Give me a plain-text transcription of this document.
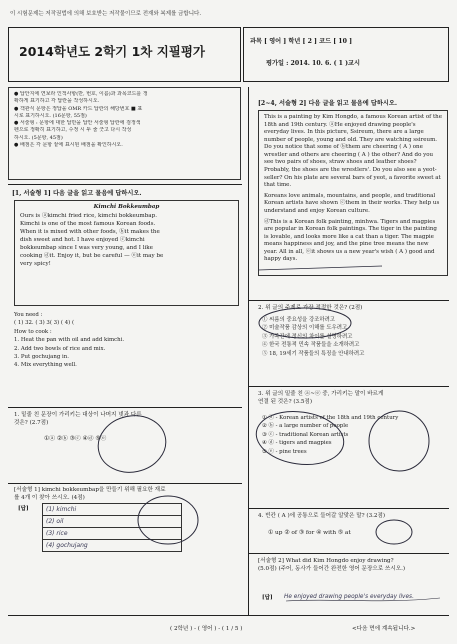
이 시험문제는 저작권법에 의해 보호받는 저작물이므로 전재와 복제를 금합니다.
2014학년도 2학기 1차 지필평가
과목 [ 영어 ] 학년 [ 2 ] 코드 [ 10 ]
평가일 : 2014. 10. 6. ( 1 )교시
● 답안지에 연보라 인적사항(반, 번호, 이름)과 과목코드를 정
확하게 표기하고 각 답란을 작성하시오.
● 객관식 문항은 정답을 OMR 카드 답란의 해당번호 ■ 표
시로 표기하시오. (16문항, 55점)
● 서술형 : 문항에 대한 답만을 답안 서술형 답란에 검정색
펜으로 정확히 표기하고, 수정 시 두 줄 긋고 다시 작성
하시오. (5문항, 45점)
● 배점은 각 문항 끝에 표시된 배점을 확인하시오.
[1, 서술형 1] 다음 글을 읽고 물음에 답하시오.
Kimchi Bokkeumbap
Ours is ⓐkimchi fried rice, kimchi bokkeumbap.
Kimchi is one of the most famous Korean foods.
When it is mixed with other foods, ⓑit makes the
dish sweet and hot. I have enjoyed ⓒkimchi
bokkeumbap since I was very young, and I like
cooking ⓓit. Enjoy it, but be careful — ⓔit may be
very spicy!
You need :
( 1) 32. ( 3) 3( 3) ( 4) (
How to cook :
1. Heat the pan with oil and add kimchi.
2. Add two bowls of rice and mix.
3. Put gochujang in.
4. Mix everything well.
1. 밑줄 친 문장이 가리키는 대상이 나머지 넷과 다른
것은? (2.7점)
①ⓐ ②ⓑ ③ⓒ ④ⓓ ⑤ⓔ
[서술형 1] kimchi bokkeumbap을 만들기 위해 필요한 재료
를 4개 이 찾아 쓰시오. (4점)
[답]	(1) kimchi
(2) oil
(3) rice
(4) gochujang
[2~4, 서술형 2] 다음 글을 읽고 물음에 답하시오.

This is a painting by Kim Hongdo, a famous Korean artist of the 18th and 19th century. ⓐHe enjoyed drawing people's everyday lives. In this picture, Ssireum, there are a large number of people, young and old. They are watching ssireum. Do you notice that some of ⓑthem are cheering ( A ) one wrestler and others are cheering ( A ) the other? And do you see two pairs of shoes, straw shoes and leather shoes? Probably, the shoes are the wrestlers'. Do you also see a yeot-seller? On his plate are several bars of yeot, a favorite sweet at that time.

Koreans love animals, mountains, and people, and traditional Korean artists have shown ⓒthem in their works. They help us understand and enjoy Korean culture.

ⓓThis is a Korean folk painting, minhwa. Tigers and magpies are popular in Korean folk paintings. The tiger in the painting is lovable, and looks more like a cat than a tiger. The magpie means happiness and joy, and the pine tree means the new year. All in all, ⓔit shows us a new year's wish ( A ) good and happy days.

2. 위 글의 주제로 가장 적절한 것은? (2점)
① 씨름의 중요성을 강조하려고
② 미술작품 감상의 이해를 도우려고
③ 가족간에 정신의 차이를 설명하려고
④ 한국 전통적 민속 작품들을 소개하려고
⑤ 18, 19세기 작품들의 특징을 안내하려고
3. 위 글의 밑줄 친 ⓐ~ⓔ 중, 가리키는 말이 바르게
연결 된 것은? (3.5점)
① ⓐ - Korean artists of the 18th and 19th century
② ⓑ - a large number of people
③ ⓒ - traditional Korean artists
④ ⓓ - tigers and magpies
⑤ ⓔ - pine trees
4. 빈칸 ( A )에 공통으로 들어갈 알맞은 말? (3.2점)
① up ② of ③ for ④ with ⑤ at
[서술형 2] What did Kim Hongdo enjoy drawing?
(5.0점) (주어, 동사가 들어간 완전한 영어 문장으로 쓰시오.)
[답] He enjoyed drawing people's everyday lives.
( 2학년 ) - ( 영어 ) - ( 1 / 5 )	<다음 면에 계속됩니다.>
